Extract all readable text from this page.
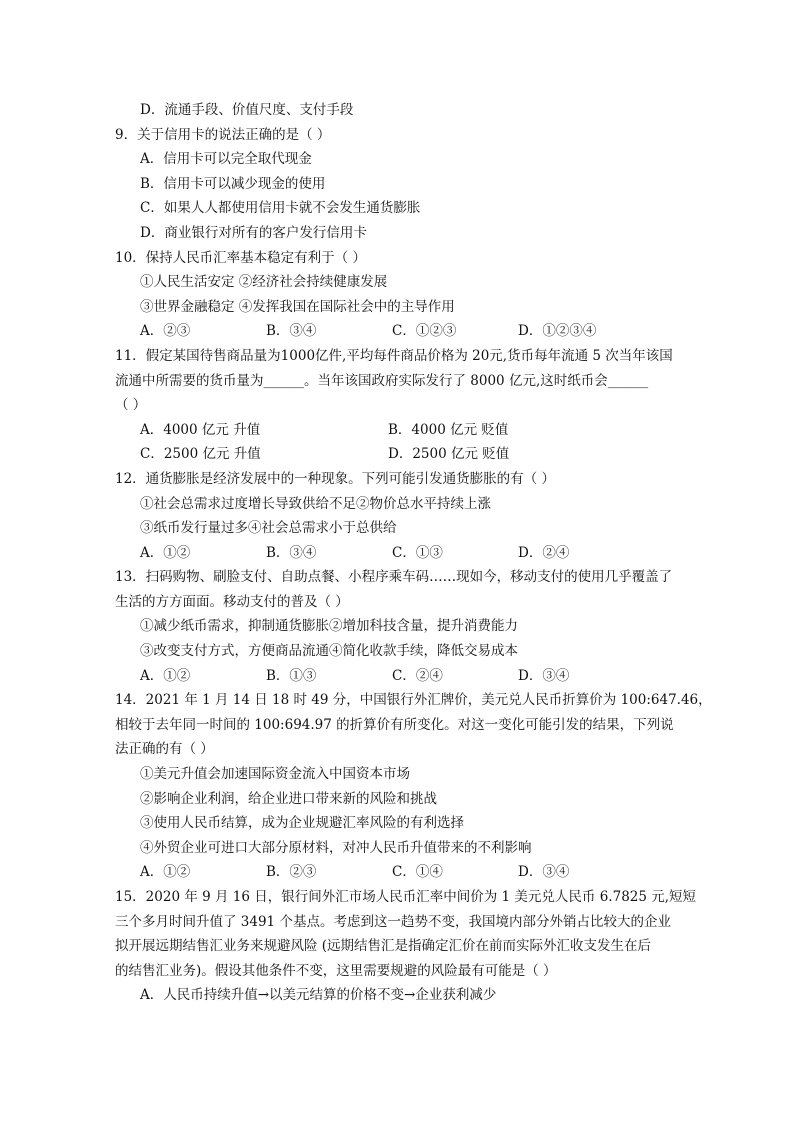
D．流通手段、价值尺度、支付手段
9．关于信用卡的说法正确的是（ ）
A．信用卡可以完全取代现金
B．信用卡可以减少现金的使用
C．如果人人都使用信用卡就不会发生通货膨胀
D．商业银行对所有的客户发行信用卡
10．保持人民币汇率基本稳定有利于（ ）
①人民生活安定 ②经济社会持续健康发展
③世界金融稳定 ④发挥我国在国际社会中的主导作用
A．②③	B．③④	C．①②③	D．①②③④
11．假定某国待售商品量为1000亿件,平均每件商品价格为 20元,货币每年流通 5 次当年该国
流通中所需要的货币量为______。当年该国政府实际发行了 8000 亿元,这时纸币会______
（ ）
A．4000 亿元 升值	B．4000 亿元 贬值
C．2500 亿元 升值	D．2500 亿元 贬值
12．通货膨胀是经济发展中的一种现象。下列可能引发通货膨胀的有（ ）
①社会总需求过度增长导致供给不足②物价总水平持续上涨
③纸币发行量过多④社会总需求小于总供给
A．①②	B．③④	C．①③	D．②④
13．扫码购物、刷脸支付、自助点餐、小程序乘车码……现如今，移动支付的使用几乎覆盖了
生活的方方面面。移动支付的普及（ ）
①减少纸币需求，抑制通货膨胀②增加科技含量，提升消费能力
③改变支付方式，方便商品流通④简化收款手续，降低交易成本
A．①②	B．①③	C．②④	D．③④
14．2021 年 1 月 14 日 18 时 49 分，中国银行外汇牌价，美元兑人民币折算价为 100:647.46，
相较于去年同一时间的 100:694.97 的折算价有所变化。对这一变化可能引发的结果，下列说
法正确的有（ ）
①美元升值会加速国际资金流入中国资本市场
②影响企业利润，给企业进口带来新的风险和挑战
③使用人民币结算，成为企业规避汇率风险的有利选择
④外贸企业可进口大部分原材料，对冲人民币升值带来的不利影响
A．①②	B．②③	C．①④	D．③④
15．2020 年 9 月 16 日，银行间外汇市场人民币汇率中间价为 1 美元兑人民币 6.7825 元,短短
三个多月时间升值了 3491 个基点。考虑到这一趋势不变，我国境内部分外销占比较大的企业
拟开展远期结售汇业务来规避风险 (远期结售汇是指确定汇价在前而实际外汇收支发生在后
的结售汇业务)。假设其他条件不变，这里需要规避的风险最有可能是（ ）
A．人民币持续升值→以美元结算的价格不变→企业获利减少
